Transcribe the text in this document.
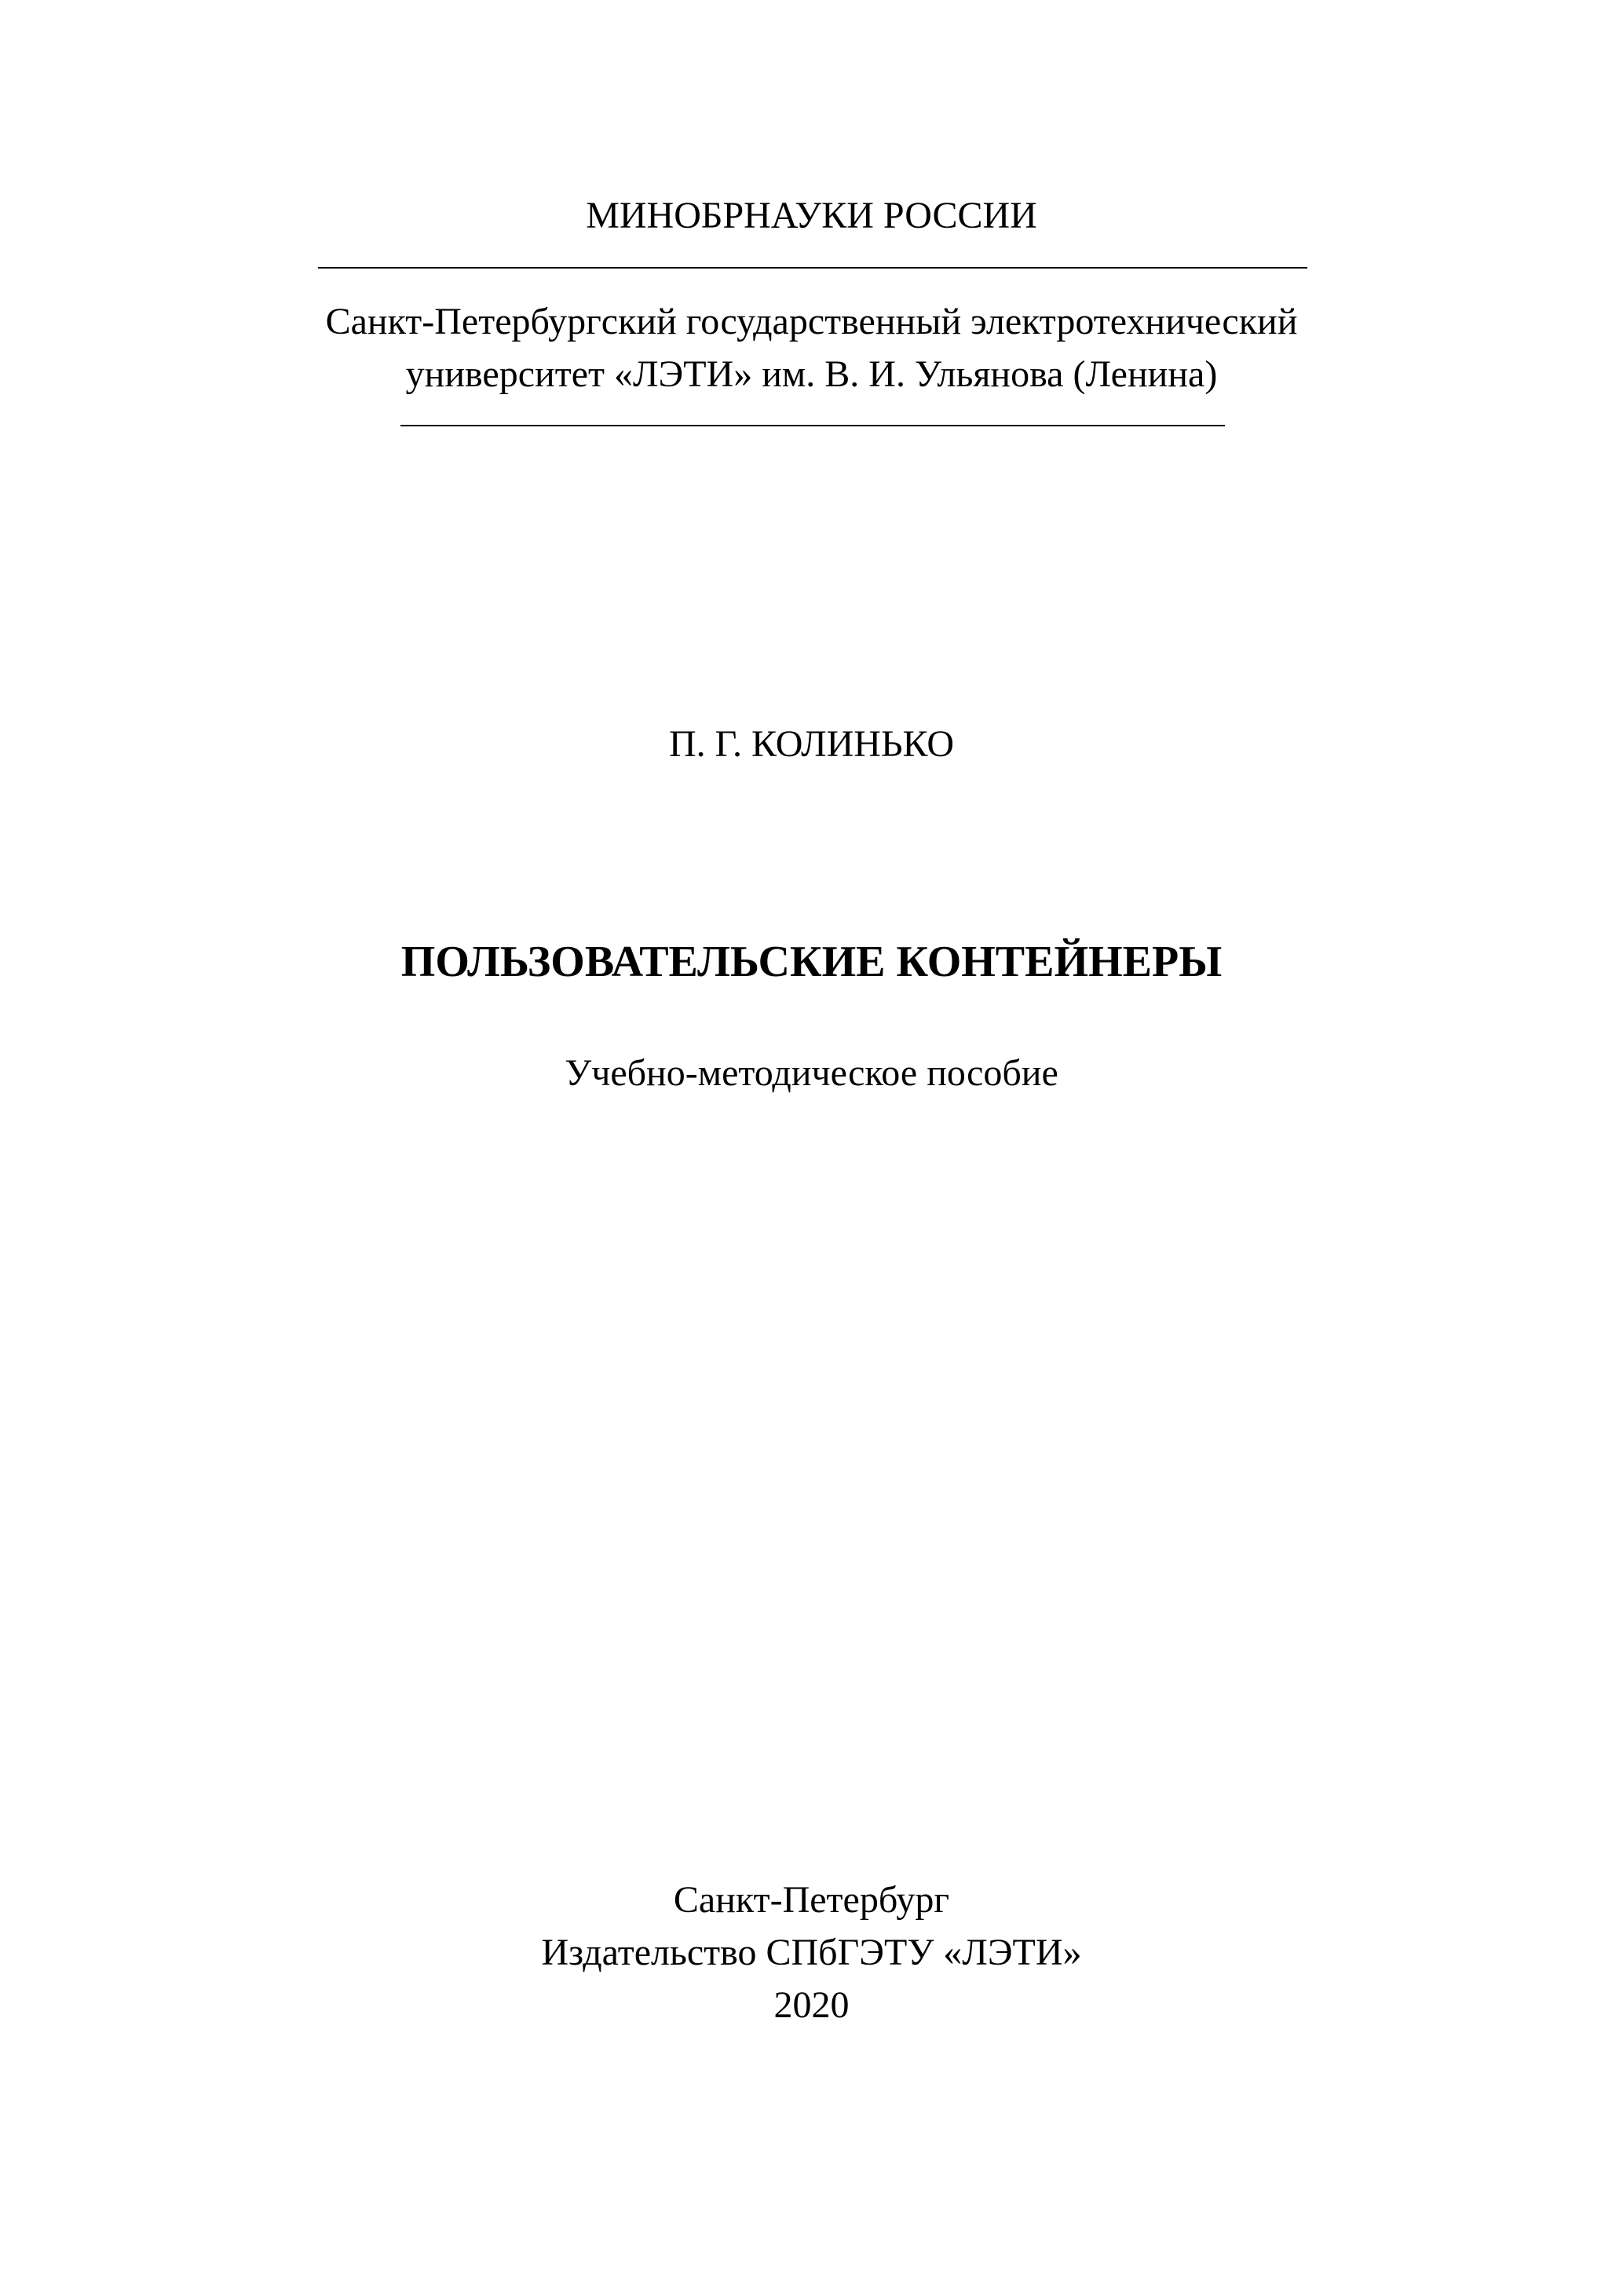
МИНОБРНАУКИ РОССИИ
Санкт-Петербургский государственный электротехнический
университет «ЛЭТИ» им. В. И. Ульянова (Ленина)
П. Г. КОЛИНЬКО
ПОЛЬЗОВАТЕЛЬСКИЕ КОНТЕЙНЕРЫ
Учебно-методическое пособие
Санкт-Петербург
Издательство СПбГЭТУ «ЛЭТИ»
2020
